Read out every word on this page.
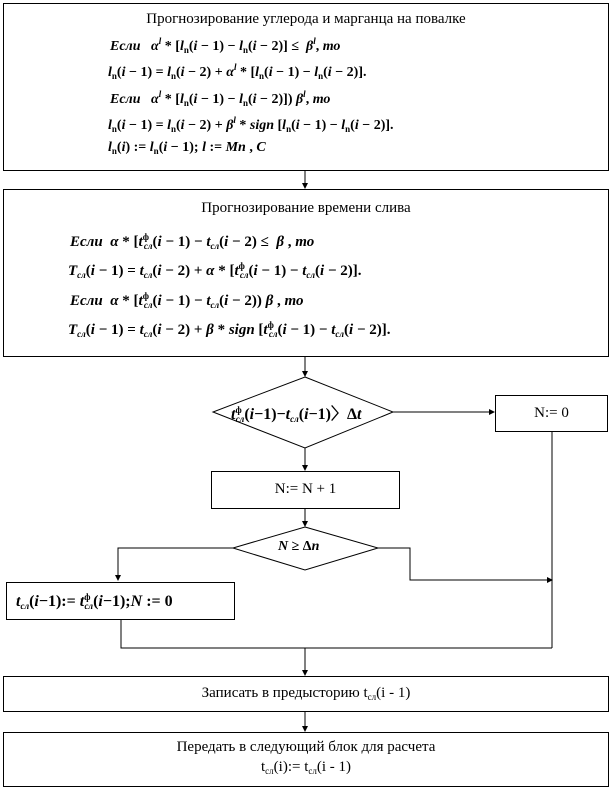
Прогнозирование углерода и марганца на повалке
Если $\alpha^l * [l_n(i - 1) - l_n(i - 2)] \le \beta^l$, то
$l_n(i - 1) = l_n(i - 2) + \alpha^l * [l_n(i - 1) - l_n(i - 2)]$.
Если $\alpha^l * [l_n(i - 1) - l_n(i - 2)]$) $\beta^l$, то
$l_n(i - 1) = l_n(i - 2) + \beta^l$ * sign $[l_n(i - 1) - l_n(i - 2)]$.
$l_n(i)$ := $l_n(i - 1)$; l := Mn , C
Прогнозирование времени слива
Если $\alpha * [t^ф_{сл}(i - 1) - t_{сл}(i - 2) \le \beta$ , то
$T_{сл}(i - 1) = t_{сл}(i - 2) + \alpha * [t^ф_{сл}(i - 1) - t_{сл}(i - 2)]$.
Если $\alpha * [t^ф_{сл}(i - 1) - t_{сл}(i - 2))$ β , то
$T_{сл}(i - 1) = t_{сл}(i - 2) + \beta$ * sign $[t^ф_{сл}(i - 1) - t_{сл}(i - 2)]$.
$t^ф_{сл}(i-1)-t_{сл}(i-1)$〉Δt	N:= 0
N:= N + 1
N ≥ Δn
$t_{сл}(i-1):=$ $t^ф_{сл}(i-1);N$ := 0
Записать в предысторию $t_{сл}(i - 1)$
Передать в следующий блок для расчета
$t_{сл}(i):= t_{сл}(i - 1)$
